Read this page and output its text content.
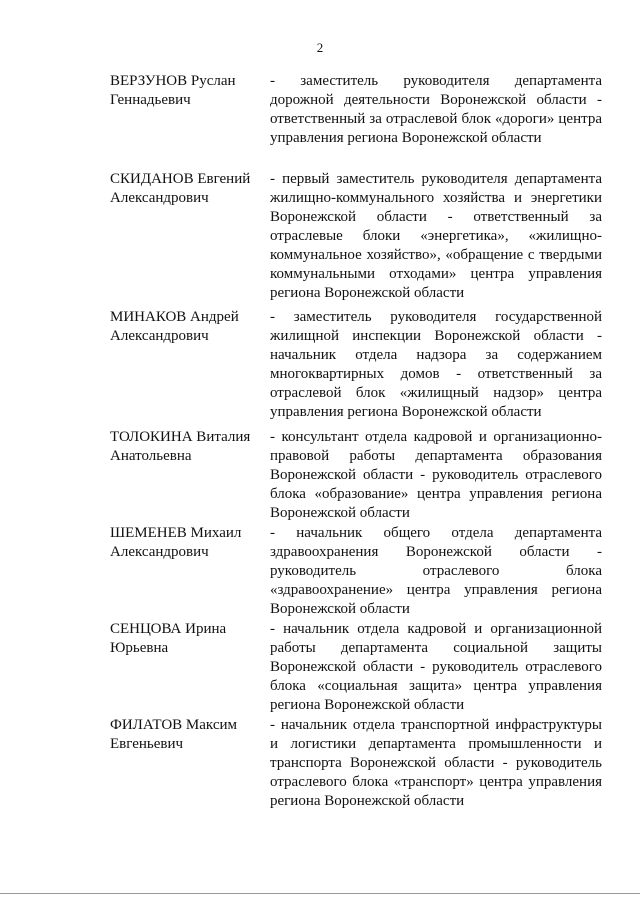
2
ВЕРЗУНОВ Руслан
Геннадьевич
- заместитель руководителя департамента дорожной деятельности Воронежской области - ответственный за отраслевой блок «дороги» центра управления региона Воронежской области
СКИДАНОВ Евгений
Александрович
- первый заместитель руководителя департамента жилищно-коммунального хозяйства и энергетики Воронежской области - ответственный за отраслевые блоки «энергетика», «жилищно-коммунальное хозяйство», «обращение с твердыми коммунальными отходами» центра управления региона Воронежской области
МИНАКОВ Андрей
Александрович
- заместитель руководителя государственной жилищной инспекции Воронежской области - начальник отдела надзора за содержанием многоквартирных домов - ответственный за отраслевой блок «жилищный надзор» центра управления региона Воронежской области
ТОЛОКИНА Виталия
Анатольевна
- консультант отдела кадровой и организационно-правовой работы департамента образования Воронежской области - руководитель отраслевого блока «образование» центра управления региона Воронежской области
ШЕМЕНЕВ Михаил
Александрович
- начальник общего отдела департамента здравоохранения Воронежской области - руководитель отраслевого блока «здравоохранение» центра управления региона Воронежской области
СЕНЦОВА Ирина
Юрьевна
- начальник отдела кадровой и организационной работы департамента социальной защиты Воронежской области - руководитель отраслевого блока «социальная защита» центра управления региона Воронежской области
ФИЛАТОВ Максим
Евгеньевич
- начальник отдела транспортной инфраструктуры и логистики департамента промышленности и транспорта Воронежской области - руководитель отраслевого блока «транспорт» центра управления региона Воронежской области
